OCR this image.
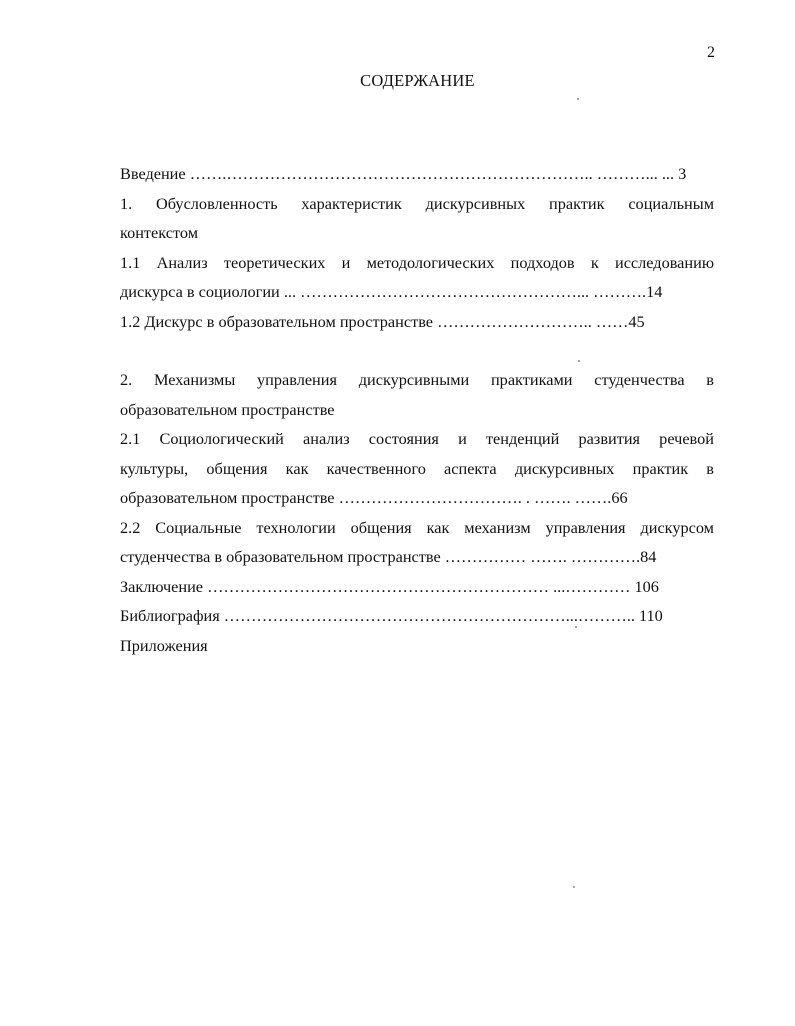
2
СОДЕРЖАНИЕ
Введение …….………………………………………………………….. ………... ... 3
1. Обусловленность характеристик дискурсивных практик социальным
контекстом
1.1 Анализ теоретических и методологических подходов к исследованию
дискурса в социологии ... ……………………………………………... ……….14
1.2 Дискурс в образовательном пространстве ……………………….. ……45
2. Механизмы управления дискурсивными практиками студенчества в
образовательном пространстве
2.1 Социологический анализ состояния и тенденций развития речевой
культуры, общения как качественного аспекта дискурсивных практик в
образовательном пространстве ……………………………. . ……. …….66
2.2 Социальные технологии общения как механизм управления дискурсом
студенчества в образовательном пространстве …………… ……. ………….84
Заключение ……………………………………………………… ...………… 106
Библиография ………………………………………………………...……….. 110
Приложения
